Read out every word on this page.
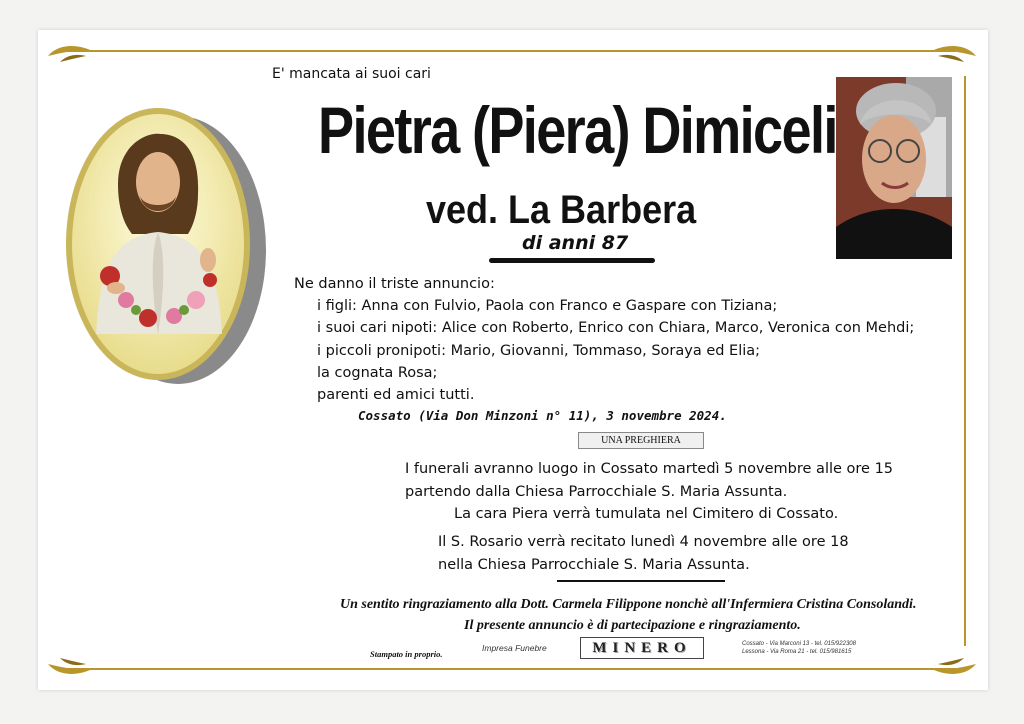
E' mancata ai suoi cari
Pietra (Piera) Dimiceli
ved. La Barbera
di anni 87
Ne danno il triste annuncio:
i figli: Anna con Fulvio, Paola con Franco e Gaspare con Tiziana;
i suoi cari nipoti: Alice con Roberto, Enrico con Chiara, Marco, Veronica con Mehdi;
i piccoli pronipoti: Mario, Giovanni, Tommaso, Soraya ed Elia;
la cognata Rosa;
parenti ed amici tutti.
Cossato (Via Don Minzoni n° 11), 3 novembre 2024.
UNA PREGHIERA
I funerali avranno luogo in Cossato martedì 5 novembre alle ore 15
partendo dalla Chiesa Parrocchiale S. Maria Assunta.
La cara Piera verrà tumulata nel Cimitero di Cossato.
Il S. Rosario verrà recitato lunedì 4 novembre alle ore 18
nella Chiesa Parrocchiale S. Maria Assunta.
Un sentito ringraziamento alla Dott. Carmela Filippone nonchè all'Infermiera Cristina Consolandi.
Il presente annuncio è di partecipazione e ringraziamento.
Stampato in proprio.
Impresa Funebre	MINERO	Cossato - Via Marconi 13 - tel. 015/922308
Lessona - Via Roma 21 - tel. 015/981615
